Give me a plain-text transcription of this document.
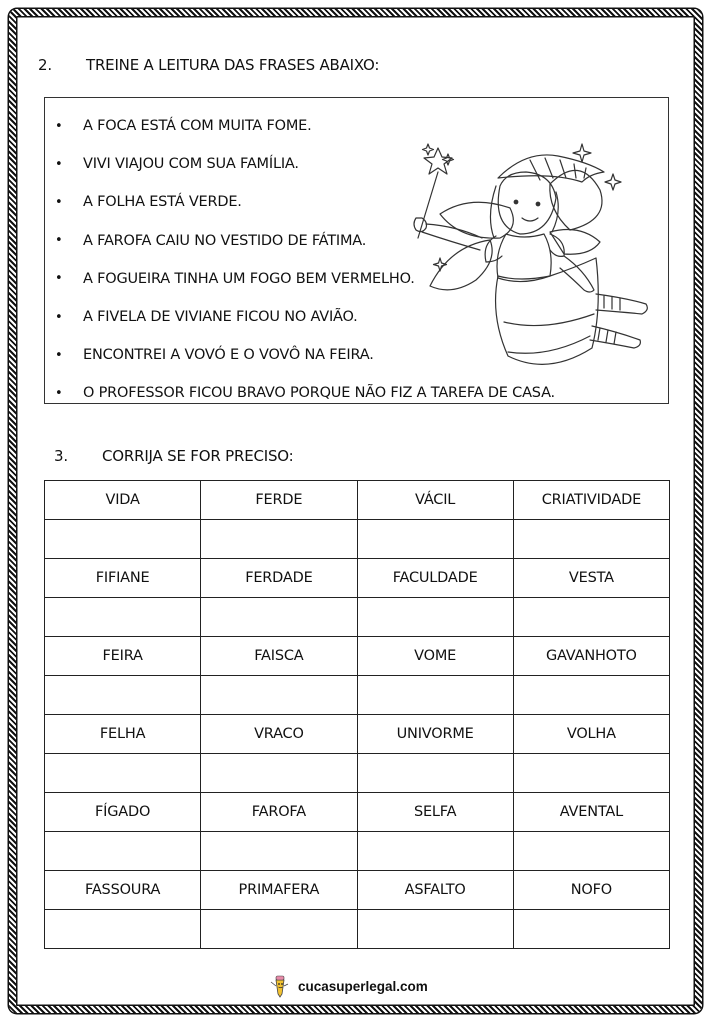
2. TREINE A LEITURA DAS FRASES ABAIXO:
•	A FOCA ESTÁ COM MUITA FOME.
•	VIVI VIAJOU COM SUA FAMÍLIA.
•	A FOLHA ESTÁ VERDE.
•	A FAROFA CAIU NO VESTIDO DE FÁTIMA.
•	A FOGUEIRA TINHA UM FOGO BEM VERMELHO.
•	A FIVELA DE VIVIANE FICOU NO AVIÃO.
•	ENCONTREI A VOVÓ E O VOVÔ NA FEIRA.
•	O PROFESSOR FICOU BRAVO PORQUE NÃO FIZ A TAREFA DE CASA.
3. CORRIJA SE FOR PRECISO:
VIDA	FERDE	VÁCIL	CRIATIVIDADE

FIFIANE	FERDADE	FACULDADE	VESTA

FEIRA	FAISCA	VOME	GAVANHOTO

FELHA	VRACO	UNIVORME	VOLHA

FÍGADO	FAROFA	SELFA	AVENTAL

FASSOURA	PRIMAFERA	ASFALTO	NOFO

cucasuperlegal.com
